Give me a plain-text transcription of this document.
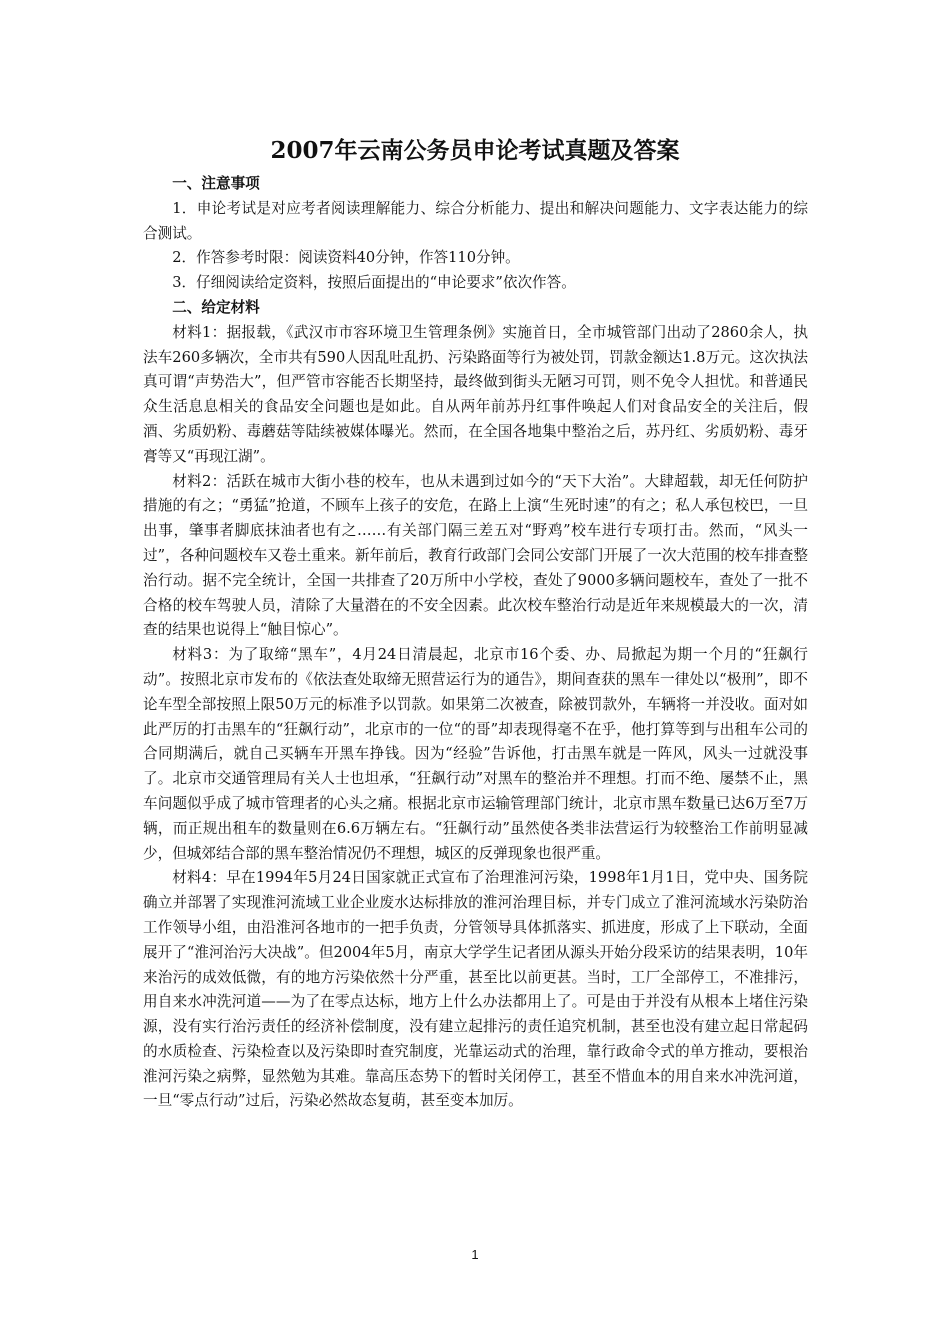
2007年云南公务员申论考试真题及答案
一、注意事项

1．申论考试是对应考者阅读理解能力、综合分析能力、提出和解决问题能力、文字表达能力的综合测试。

2．作答参考时限：阅读资料40分钟，作答110分钟。

3．仔细阅读给定资料，按照后面提出的“申论要求”依次作答。

二、给定材料

材料1：据报载，《武汉市市容环境卫生管理条例》实施首日，全市城管部门出动了2860余人，执法车260多辆次，全市共有590人因乱吐乱扔、污染路面等行为被处罚，罚款金额达1.8万元。这次执法真可谓“声势浩大”，但严管市容能否长期坚持，最终做到街头无陋习可罚，则不免令人担忧。和普通民众生活息息相关的食品安全问题也是如此。自从两年前苏丹红事件唤起人们对食品安全的关注后，假酒、劣质奶粉、毒蘑菇等陆续被媒体曝光。然而，在全国各地集中整治之后，苏丹红、劣质奶粉、毒牙膏等又“再现江湖”。

材料2：活跃在城市大街小巷的校车，也从未遇到过如今的“天下大治”。大肆超载，却无任何防护措施的有之；“勇猛”抢道，不顾车上孩子的安危，在路上上演“生死时速”的有之；私人承包校巴，一旦出事，肇事者脚底抹油者也有之……有关部门隔三差五对“野鸡”校车进行专项打击。然而，“风头一过”，各种问题校车又卷土重来。新年前后，教育行政部门会同公安部门开展了一次大范围的校车排查整治行动。据不完全统计，全国一共排查了20万所中小学校，查处了9000多辆问题校车，查处了一批不合格的校车驾驶人员，清除了大量潜在的不安全因素。此次校车整治行动是近年来规模最大的一次，清查的结果也说得上“触目惊心”。

材料3：为了取缔“黑车”，4月24日清晨起，北京市16个委、办、局掀起为期一个月的“狂飙行动”。按照北京市发布的《依法查处取缔无照营运行为的通告》，期间查获的黑车一律处以“极刑”，即不论车型全部按照上限50万元的标准予以罚款。如果第二次被查，除被罚款外，车辆将一并没收。面对如此严厉的打击黑车的“狂飙行动”，北京市的一位“的哥”却表现得毫不在乎，他打算等到与出租车公司的合同期满后，就自己买辆车开黑车挣钱。因为“经验”告诉他，打击黑车就是一阵风，风头一过就没事了。北京市交通管理局有关人士也坦承，“狂飙行动”对黑车的整治并不理想。打而不绝、屡禁不止，黑车问题似乎成了城市管理者的心头之痛。根据北京市运输管理部门统计，北京市黑车数量已达6万至7万辆，而正规出租车的数量则在6.6万辆左右。“狂飙行动”虽然使各类非法营运行为较整治工作前明显减少，但城郊结合部的黑车整治情况仍不理想，城区的反弹现象也很严重。

材料4：早在1994年5月24日国家就正式宣布了治理淮河污染，1998年1月1日，党中央、国务院确立并部署了实现淮河流域工业企业废水达标排放的淮河治理目标，并专门成立了淮河流域水污染防治工作领导小组，由沿淮河各地市的一把手负责，分管领导具体抓落实、抓进度，形成了上下联动，全面展开了“淮河治污大决战”。但2004年5月，南京大学学生记者团从源头开始分段采访的结果表明，10年来治污的成效低微，有的地方污染依然十分严重，甚至比以前更甚。当时，工厂全部停工，不准排污，用自来水冲洗河道——为了在零点达标，地方上什么办法都用上了。可是由于并没有从根本上堵住污染源，没有实行治污责任的经济补偿制度，没有建立起排污的责任追究机制，甚至也没有建立起日常起码的水质检查、污染检查以及污染即时查究制度，光靠运动式的治理，靠行政命令式的单方推动，要根治淮河污染之病弊，显然勉为其难。靠高压态势下的暂时关闭停工，甚至不惜血本的用自来水冲洗河道，一旦“零点行动”过后，污染必然故态复萌，甚至变本加厉。

1
